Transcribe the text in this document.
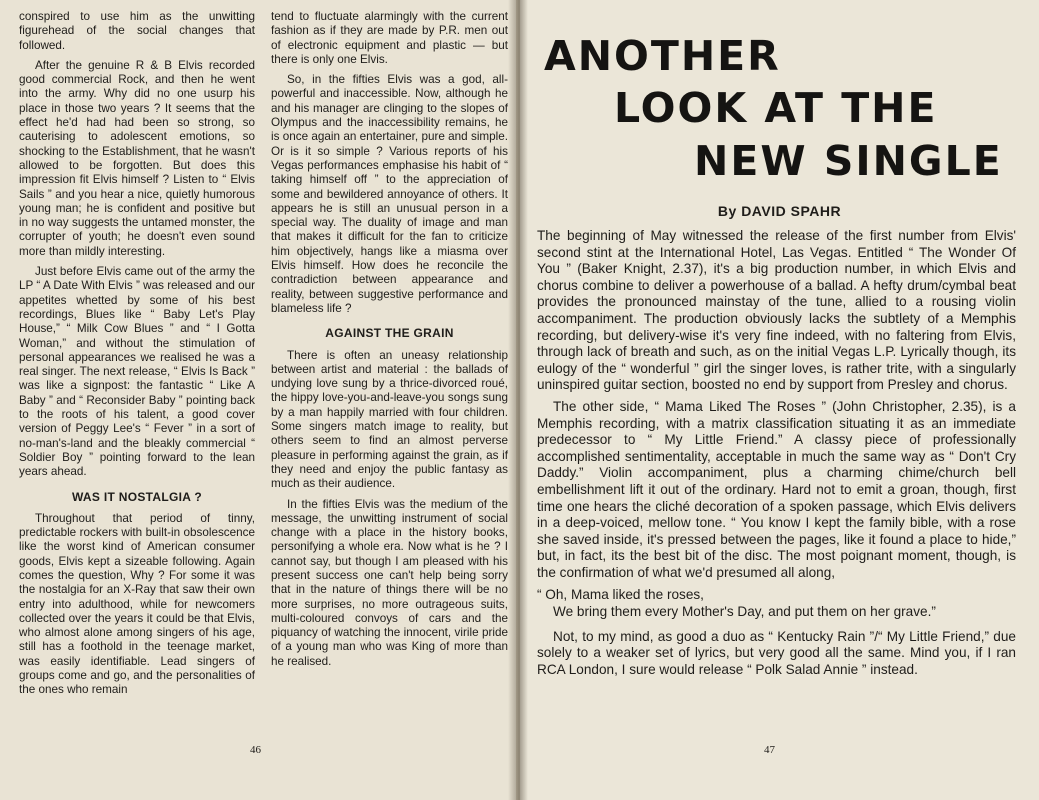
conspired to use him as the unwitting figurehead of the social changes that followed.

After the genuine R & B Elvis recorded good commercial Rock, and then he went into the army. Why did no one usurp his place in those two years ? It seems that the effect he'd had had been so strong, so cauterising to adolescent emotions, so shocking to the Establishment, that he wasn't allowed to be forgotten. But does this impression fit Elvis himself ? Listen to “ Elvis Sails ” and you hear a nice, quietly humorous young man; he is confident and positive but in no way suggests the untamed monster, the corrupter of youth; he doesn't even sound more than mildly interesting.

Just before Elvis came out of the army the LP “ A Date With Elvis ” was released and our appetites whetted by some of his best recordings, Blues like “ Baby Let's Play House,” “ Milk Cow Blues ” and “ I Gotta Woman,” and without the stimulation of personal appearances we realised he was a real singer. The next release, “ Elvis Is Back ” was like a signpost: the fantastic “ Like A Baby ” and “ Reconsider Baby ” pointing back to the roots of his talent, a good cover version of Peggy Lee's “ Fever ” in a sort of no-man's-land and the bleakly commercial “ Soldier Boy ” pointing forward to the lean years ahead.

WAS IT NOSTALGIA ?

Throughout that period of tinny, predictable rockers with built-in obsolescence like the worst kind of American consumer goods, Elvis kept a sizeable following. Again comes the question, Why ? For some it was the nostalgia for an X-Ray that saw their own entry into adulthood, while for newcomers collected over the years it could be that Elvis, who almost alone among singers of his age, still has a foothold in the teenage market, was easily identifiable. Lead singers of groups come and go, and the personalities of the ones who remain

tend to fluctuate alarmingly with the current fashion as if they are made by P.R. men out of electronic equipment and plastic — but there is only one Elvis.

So, in the fifties Elvis was a god, all-powerful and inaccessible. Now, although he and his manager are clinging to the slopes of Olympus and the inaccessibility remains, he is once again an entertainer, pure and simple. Or is it so simple ? Various reports of his Vegas performances emphasise his habit of “ taking himself off ” to the appreciation of some and bewildered annoyance of others. It appears he is still an unusual person in a special way. The duality of image and man that makes it difficult for the fan to criticize him objectively, hangs like a miasma over Elvis himself. How does he reconcile the contradiction between appearance and reality, between suggestive performance and blameless life ?

AGAINST THE GRAIN

There is often an uneasy relationship between artist and material : the ballads of undying love sung by a thrice-divorced roué, the hippy love-you-and-leave-you songs sung by a man happily married with four children. Some singers match image to reality, but others seem to find an almost perverse pleasure in performing against the grain, as if they need and enjoy the public fantasy as much as their audience.

In the fifties Elvis was the medium of the message, the unwitting instrument of social change with a place in the history books, personifying a whole era. Now what is he ? I cannot say, but though I am pleased with his present success one can't help being sorry that in the nature of things there will be no more surprises, no more outrageous suits, multi-coloured convoys of cars and the piquancy of watching the innocent, virile pride of a young man who was King of more than he realised.

46
ANOTHER
LOOK AT THE
NEW SINGLE
By DAVID SPAHR

The beginning of May witnessed the release of the first number from Elvis' second stint at the International Hotel, Las Vegas. Entitled “ The Wonder Of You ” (Baker Knight, 2.37), it's a big production number, in which Elvis and chorus combine to deliver a powerhouse of a ballad. A hefty drum/cymbal beat provides the pronounced mainstay of the tune, allied to a rousing violin accompaniment. The production obviously lacks the subtlety of a Memphis recording, but delivery-wise it's very fine indeed, with no faltering from Elvis, through lack of breath and such, as on the initial Vegas L.P. Lyrically though, its eulogy of the “ wonderful ” girl the singer loves, is rather trite, with a singularly uninspired guitar section, boosted no end by support from Presley and chorus.

The other side, “ Mama Liked The Roses ” (John Christopher, 2.35), is a Memphis recording, with a matrix classification situating it as an immediate predecessor to “ My Little Friend.” A classy piece of professionally accomplished sentimentality, acceptable in much the same way as “ Don't Cry Daddy.” Violin accompaniment, plus a charming chime/church bell embellishment lift it out of the ordinary. Hard not to emit a groan, though, first time one hears the cliché decoration of a spoken passage, which Elvis delivers in a deep-voiced, mellow tone. “ You know I kept the family bible, with a rose she saved inside, it's pressed between the pages, like it found a place to hide,” but, in fact, its the best bit of the disc. The most poignant moment, though, is the confirmation of what we'd presumed all along,

“ Oh, Mama liked the roses,

We bring them every Mother's Day, and put them on her grave.”

Not, to my mind, as good a duo as “ Kentucky Rain ”/“ My Little Friend,” due solely to a weaker set of lyrics, but very good all the same. Mind you, if I ran RCA London, I sure would release “ Polk Salad Annie ” instead.

47
